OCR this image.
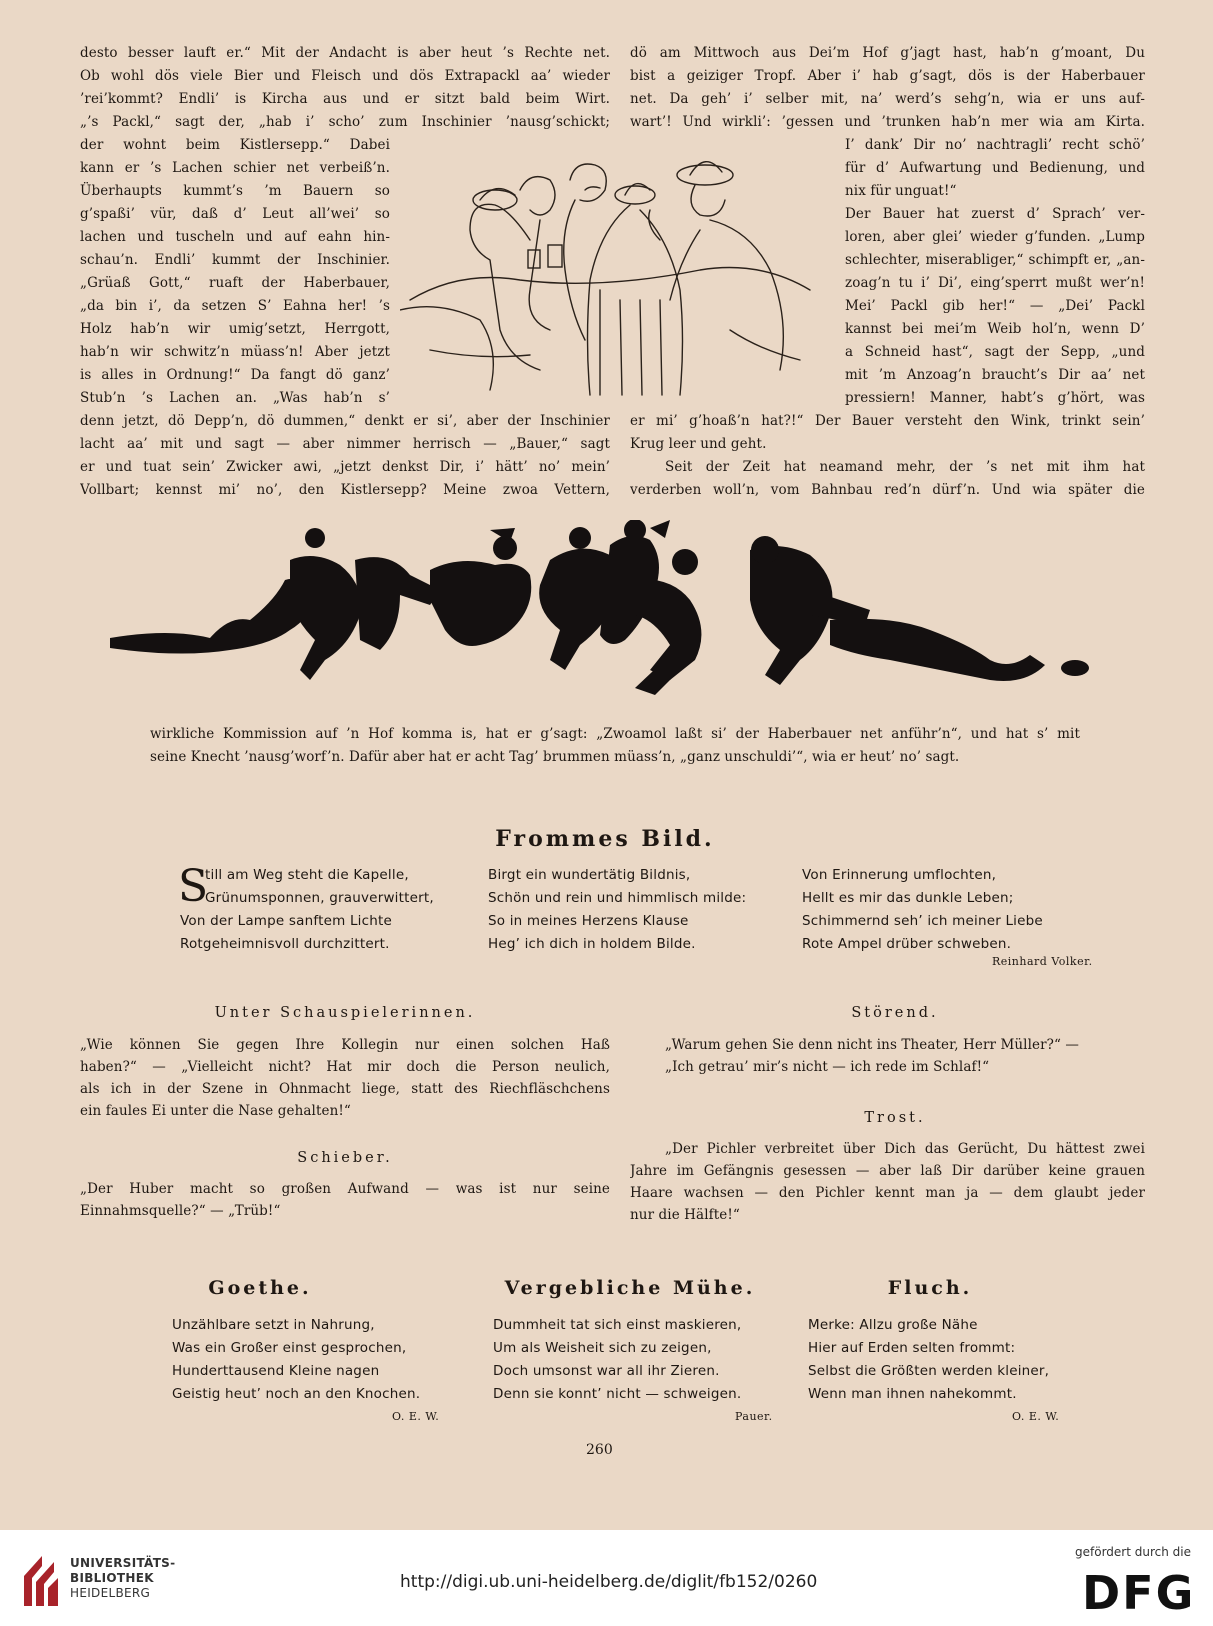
desto besser lauft er.“ Mit der Andacht is aber heut ’s Rechte net.
Ob wohl dös viele Bier und Fleisch und dös Extrapackl aa’ wieder
’rei’kommt? Endli’ is Kircha aus und er sitzt bald beim Wirt.
„’s Packl,“ sagt der, „hab i’ scho’ zum Inschinier ’nausg’schickt;
der wohnt beim Kistlersepp.“ Dabei
kann er ’s Lachen schier net verbeiß’n.
Überhaupts kummt’s ’m Bauern so
g’spaßi’ vür, daß d’ Leut all’wei’ so
lachen und tuscheln und auf eahn hin-
schau’n. Endli’ kummt der Inschinier.
„Grüaß Gott,“ ruaft der Haberbauer,
„da bin i’, da setzen S’ Eahna her! ’s
Holz hab’n wir umig’setzt, Herrgott,
hab’n wir schwitz’n müass’n! Aber jetzt
is alles in Ordnung!“ Da fangt dö ganz’
Stub’n ’s Lachen an. „Was hab’n s’
denn jetzt, dö Depp’n, dö dummen,“ denkt er si’, aber der Inschinier
lacht aa’ mit und sagt — aber nimmer herrisch — „Bauer,“ sagt
er und tuat sein’ Zwicker awi, „jetzt denkst Dir, i’ hätt’ no’ mein’
Vollbart; kennst mi’ no’, den Kistlersepp? Meine zwoa Vettern,
dö am Mittwoch aus Dei’m Hof g’jagt hast, hab’n g’moant, Du
bist a geiziger Tropf. Aber i’ hab g’sagt, dös is der Haberbauer
net. Da geh’ i’ selber mit, na’ werd’s sehg’n, wia er uns auf-
wart’! Und wirkli’: ’gessen und ’trunken hab’n mer wia am Kirta.
I’ dank’ Dir no’ nachtragli’ recht schö’
für d’ Aufwartung und Bedienung, und
nix für unguat!“
Der Bauer hat zuerst d’ Sprach’ ver-
loren, aber glei’ wieder g’funden. „Lump
schlechter, miserabliger,“ schimpft er, „an-
zoag’n tu i’ Di’, eing’sperrt mußt wer’n!
Mei’ Packl gib her!“ — „Dei’ Packl
kannst bei mei’m Weib hol’n, wenn D’
a Schneid hast“, sagt der Sepp, „und
mit ’m Anzoag’n braucht’s Dir aa’ net
pressiern! Manner, habt’s g’hört, was
er mi’ g’hoaß’n hat?!“ Der Bauer versteht den Wink, trinkt sein’
Krug leer und geht.
Seit der Zeit hat neamand mehr, der ’s net mit ihm hat
verderben woll’n, vom Bahnbau red’n dürf’n. Und wia später die
wirkliche Kommission auf ’n Hof komma is, hat er g’sagt: „Zwoamol laßt si’ der Haberbauer net anführ’n“, und hat s’ mit
seine Knecht ’nausg’worf’n. Dafür aber hat er acht Tag’ brummen müass’n, „ganz unschuldi’“, wia er heut’ no’ sagt.
Frommes Bild.
S
till am Weg steht die Kapelle,
Grünumsponnen, grauverwittert,
Von der Lampe sanftem Lichte
Rotgeheimnisvoll durchzittert.
Birgt ein wundertätig Bildnis,
Schön und rein und himmlisch milde:
So in meines Herzens Klause
Heg’ ich dich in holdem Bilde.
Von Erinnerung umflochten,
Hellt es mir das dunkle Leben;
Schimmernd seh’ ich meiner Liebe
Rote Ampel drüber schweben.
Reinhard Volker.
Unter Schauspielerinnen.
„Wie können Sie gegen Ihre Kollegin nur einen solchen Haß
haben?“ — „Vielleicht nicht? Hat mir doch die Person neulich,
als ich in der Szene in Ohnmacht liege, statt des Riechfläschchens
ein faules Ei unter die Nase gehalten!“
Schieber.
„Der Huber macht so großen Aufwand — was ist nur seine
Einnahmsquelle?“ — „Trüb!“
Störend.
„Warum gehen Sie denn nicht ins Theater, Herr Müller?“ —
„Ich getrau’ mir’s nicht — ich rede im Schlaf!“
Trost.
„Der Pichler verbreitet über Dich das Gerücht, Du hättest zwei
Jahre im Gefängnis gesessen — aber laß Dir darüber keine grauen
Haare wachsen — den Pichler kennt man ja — dem glaubt jeder
nur die Hälfte!“
Goethe.
Unzählbare setzt in Nahrung,
Was ein Großer einst gesprochen,
Hunderttausend Kleine nagen
Geistig heut’ noch an den Knochen.
O. E. W.
Vergebliche Mühe.
Dummheit tat sich einst maskieren,
Um als Weisheit sich zu zeigen,
Doch umsonst war all ihr Zieren.
Denn sie konnt’ nicht — schweigen.
Pauer.
Fluch.
Merke: Allzu große Nähe
Hier auf Erden selten frommt:
Selbst die Größten werden kleiner,
Wenn man ihnen nahekommt.
O. E. W.
260
UNIVERSITÄTS-
BIBLIOTHEK
HEIDELBERG
http://digi.ub.uni-heidelberg.de/diglit/fb152/0260
gefördert durch die
DFG
